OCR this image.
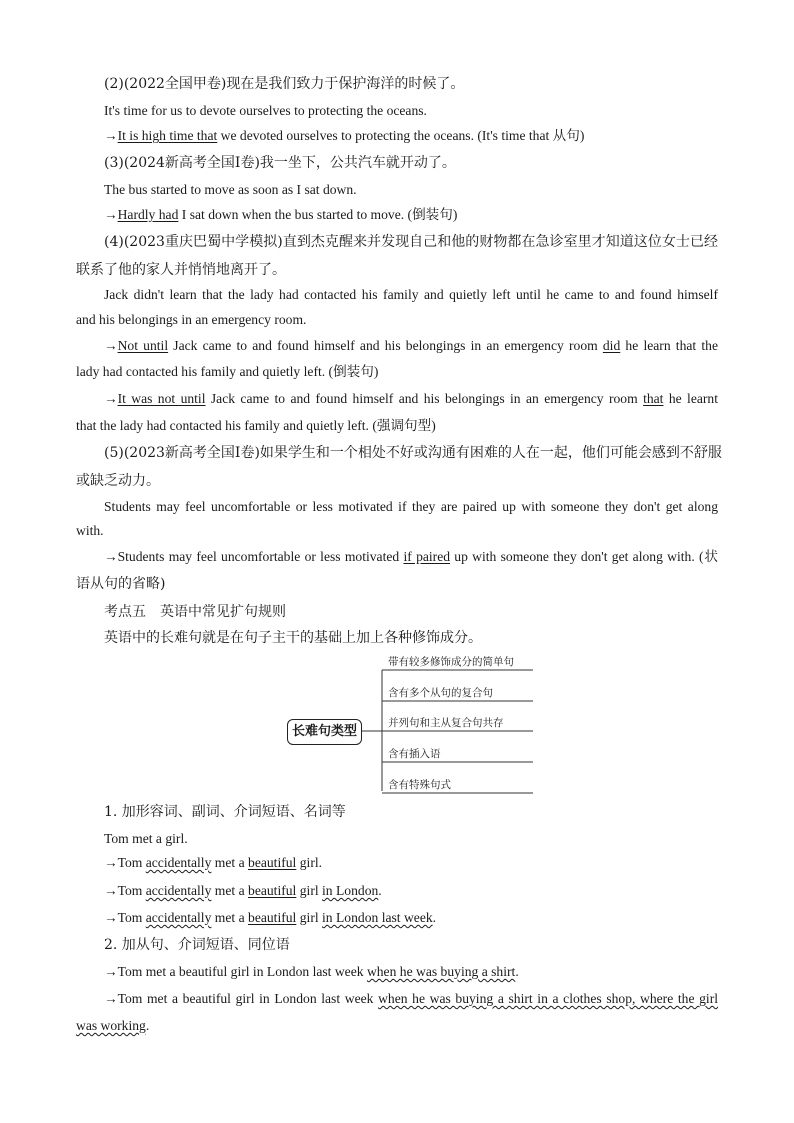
(2)(2022全国甲卷)现在是我们致力于保护海洋的时候了。
It's time for us to devote ourselves to protecting the oceans.
→It is high time that we devoted ourselves to protecting the oceans. (It's time that 从句)
(3)(2024新高考全国Ⅰ卷)我一坐下，公共汽车就开动了。
The bus started to move as soon as I sat down.
→Hardly had I sat down when the bus started to move. (倒装句)
(4)(2023重庆巴蜀中学模拟)直到杰克醒来并发现自己和他的财物都在急诊室里才知道这位女士已经
联系了他的家人并悄悄地离开了。
Jack didn't learn that the lady had contacted his family and quietly left until he came to and found himself
and his belongings in an emergency room.
→Not until Jack came to and found himself and his belongings in an emergency room did he learn that the
lady had contacted his family and quietly left. (倒装句)
→It was not until Jack came to and found himself and his belongings in an emergency room that he learnt
that the lady had contacted his family and quietly left. (强调句型)
(5)(2023新高考全国Ⅰ卷)如果学生和一个相处不好或沟通有困难的人在一起，他们可能会感到不舒服
或缺乏动力。
Students may feel uncomfortable or less motivated if they are paired up with someone they don't get along
with.
→Students may feel uncomfortable or less motivated if paired up with someone they don't get along with. (状
语从句的省略)
考点五　英语中常见扩句规则
英语中的长难句就是在句子主干的基础上加上各种修饰成分。
长难句类型
带有较多修饰成分的简单句
含有多个从句的复合句
并列句和主从复合句共存
含有插入语
含有特殊句式
1. 加形容词、副词、介词短语、名词等
Tom met a girl.
→Tom accidentally met a beautiful girl.
→Tom accidentally met a beautiful girl in London.
→Tom accidentally met a beautiful girl in London last week.
2. 加从句、介词短语、同位语
→Tom met a beautiful girl in London last week when he was buying a shirt.
→Tom met a beautiful girl in London last week when he was buying a shirt in a clothes shop, where the girl
was working.
